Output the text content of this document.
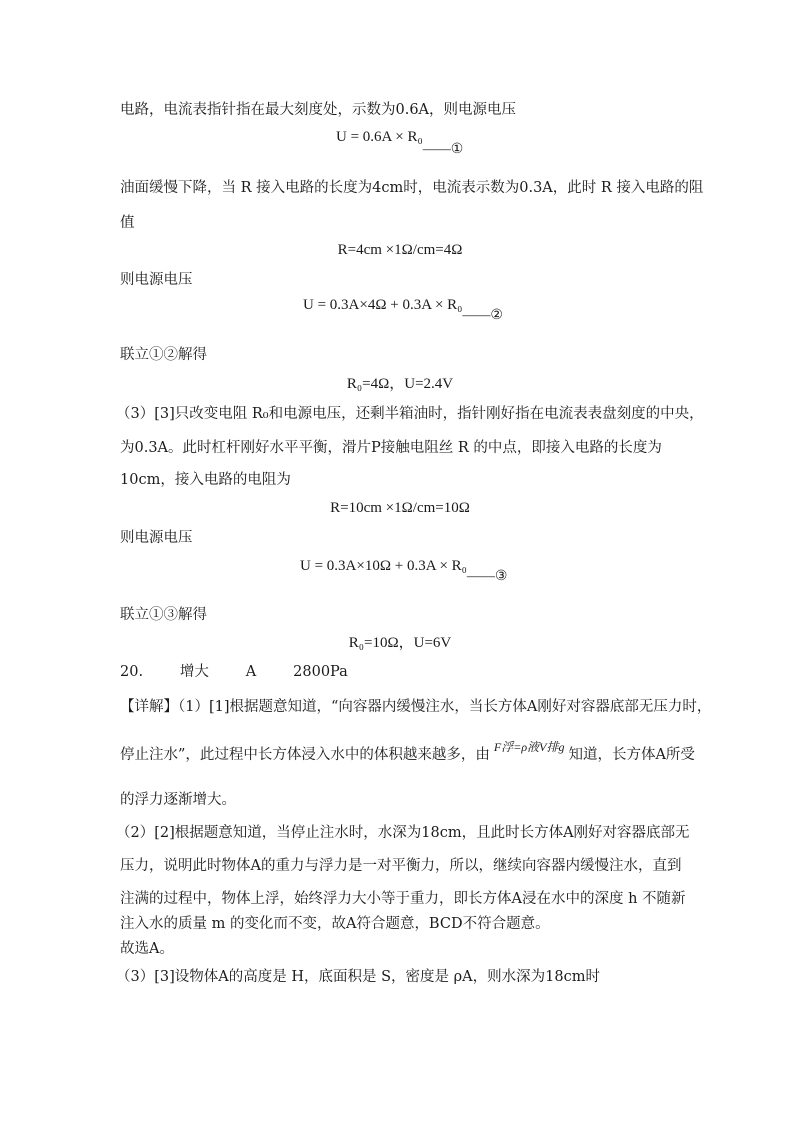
电路，电流表指针指在最大刻度处，示数为0.6A，则电源电压
U = 0.6A × R₀——①
油面缓慢下降，当 R 接入电路的长度为4cm时，电流表示数为0.3A，此时 R 接入电路的阻
值
R=4cm ×1Ω/cm=4Ω
则电源电压
U = 0.3A×4Ω + 0.3A × R₀——②
联立①②解得
R₀=4Ω，U=2.4V
（3）[3]只改变电阻 R₀和电源电压，还剩半箱油时，指针刚好指在电流表表盘刻度的中央，
为0.3A。此时杠杆刚好水平平衡，滑片P接触电阻丝 R 的中点，即接入电路的长度为
10cm，接入电路的电阻为
R=10cm ×1Ω/cm=10Ω
则电源电压
U = 0.3A×10Ω + 0.3A × R₀——③
联立①③解得
R₀=10Ω，U=6V
20.        增大        A        2800Pa
【详解】（1）[1]根据题意知道，“向容器内缓慢注水，当长方体A刚好对容器底部无压力时，
停止注水”，此过程中长方体浸入水中的体积越来越多，由 $^{F浮=\rho 液V排g}$ 知道，长方体A所受
的浮力逐渐增大。
（2）[2]根据题意知道，当停止注水时，水深为18cm，且此时长方体A刚好对容器底部无
压力，说明此时物体A的重力与浮力是一对平衡力，所以，继续向容器内缓慢注水，直到
注满的过程中，物体上浮，始终浮力大小等于重力，即长方体A浸在水中的深度 h 不随新
注入水的质量 m 的变化而不变，故A符合题意，BCD不符合题意。
故选A。
（3）[3]设物体A的高度是 H，底面积是 S，密度是 ρA，则水深为18cm时
